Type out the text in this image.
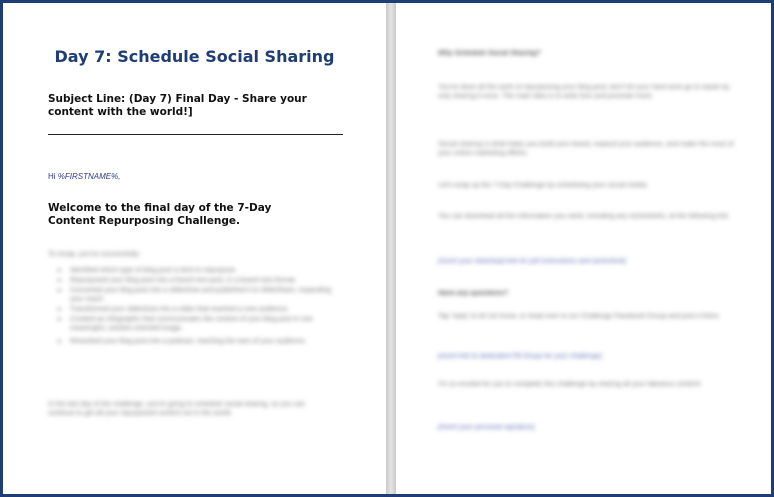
Day 7: Schedule Social Sharing
Subject Line: (Day 7) Final Day - Share your content with the world!]
Hi %FIRSTNAME%,
Welcome to the final day of the 7-Day Content Repurposing Challenge.
To recap, you've successfully:
▸ Identified which type of blog post is best to repurpose.
▸ Repurposed your blog post into a brand new post, in a brand new format.
▸ Converted your blog post into a slideshow and published it to SlideShare, expanding your reach.
▸ Transformed your slideshow into a video that reached a new audience.
▸ Created an infographic that communicates the content of your blog post in one meaningful, solution-oriented image.
▸ Reworked your blog post into a podcast, reaching the ears of your audience.
In the last day of the challenge, you're going to schedule social sharing, so you can continue to get all your repurposed content out in the world.
Why Schedule Social Sharing?
You've done all the work of repurposing your blog post; don't let your hard work go to waste by only sharing it once. The main idea is to write less and promote more.
Social sharing is what helps you build your brand, expand your audience, and make the most of your online marketing efforts.
Let's wrap up the 7-Day Challenge by scheduling your social media.
You can download all the information you need, including any worksheets, at the following link.
[Insert your download link for pdf instructions and worksheet]
Have any questions?
Tap 'reply' to let me know, or head over to our Challenge Facebook Group and post it there.
[Insert link to dedicated FB Group for your challenge]
I'm so excited for you to complete this challenge by sharing all your fabulous content!
[Insert your personal signature]
